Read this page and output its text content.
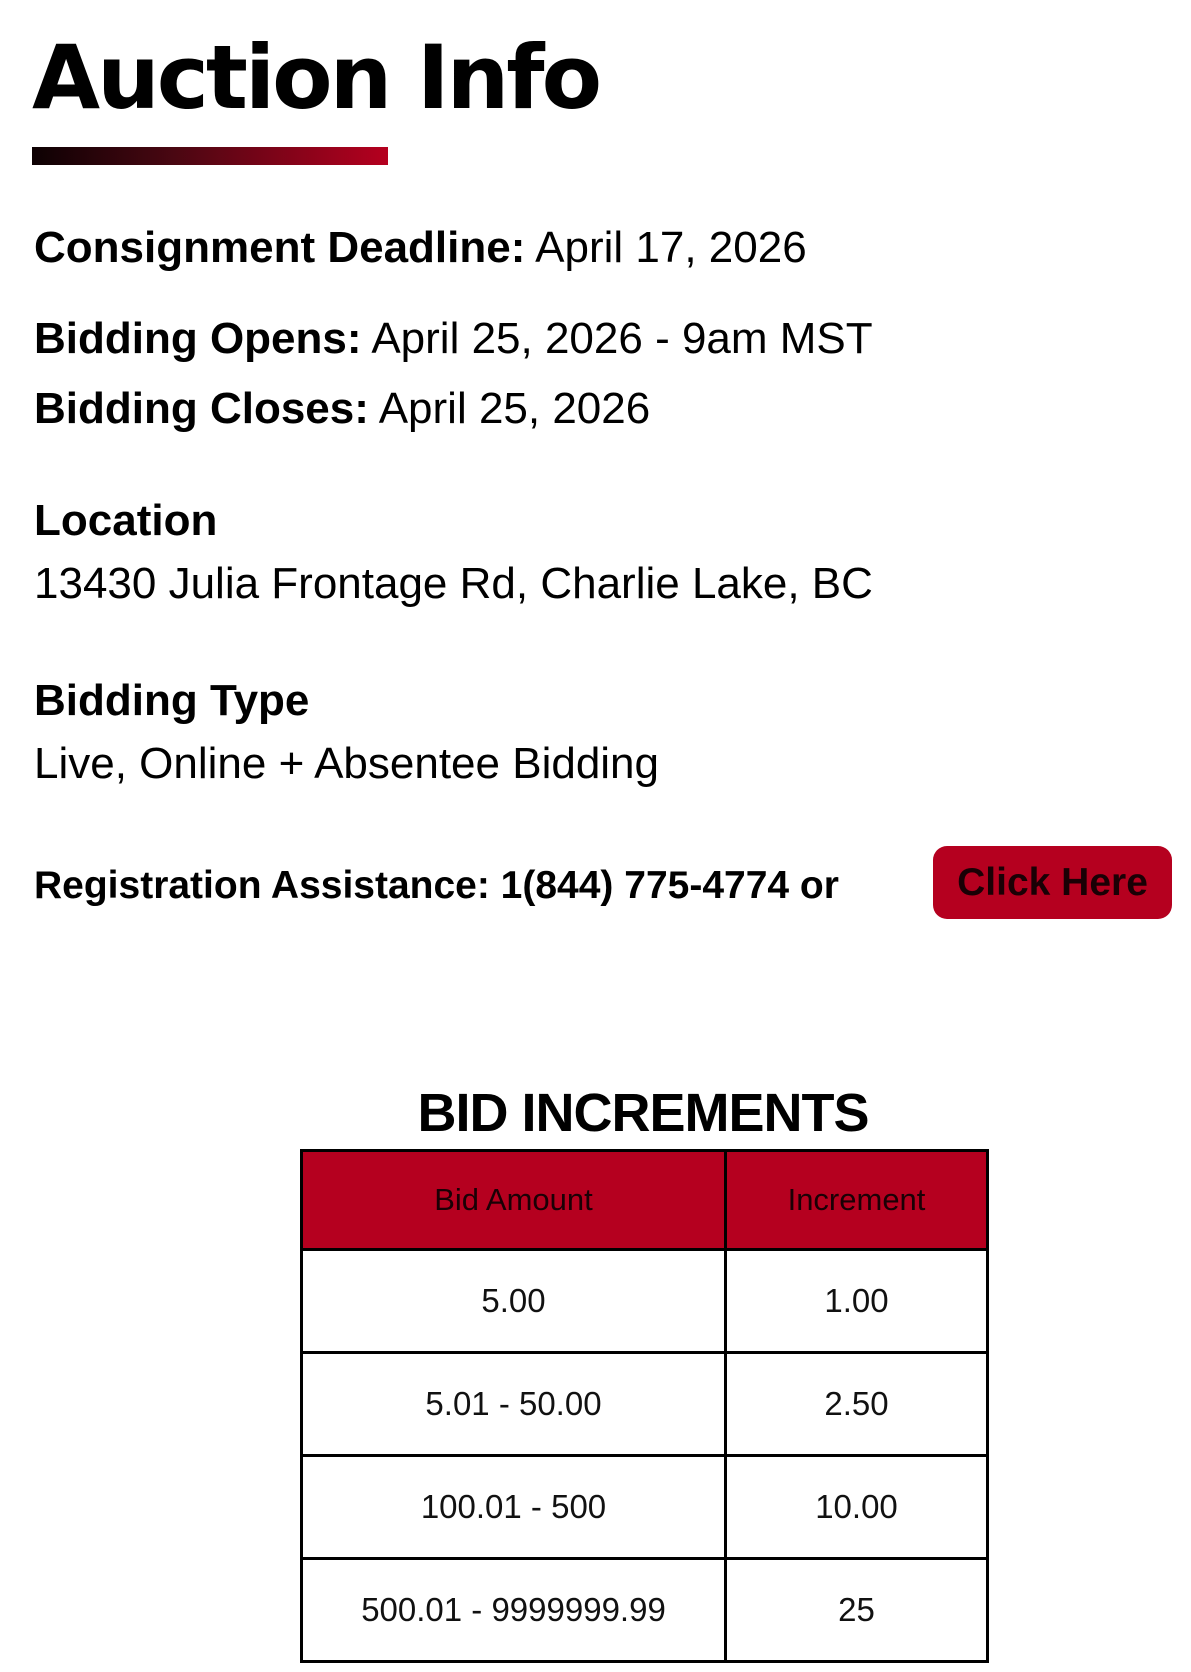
Auction Info

Consignment Deadline: April 17, 2026

Bidding Opens: April 25, 2026 - 9am MST

Bidding Closes: April 25, 2026

Location

13430 Julia Frontage Rd, Charlie Lake, BC

Bidding Type

Live, Online + Absentee Bidding

Registration Assistance: 1(844) 775-4774 or	Click Here
BID INCREMENTS
Bid Amount	Increment
5.00	1.00
5.01 - 50.00	2.50
100.01 - 500	10.00
500.01 - 9999999.99	25
